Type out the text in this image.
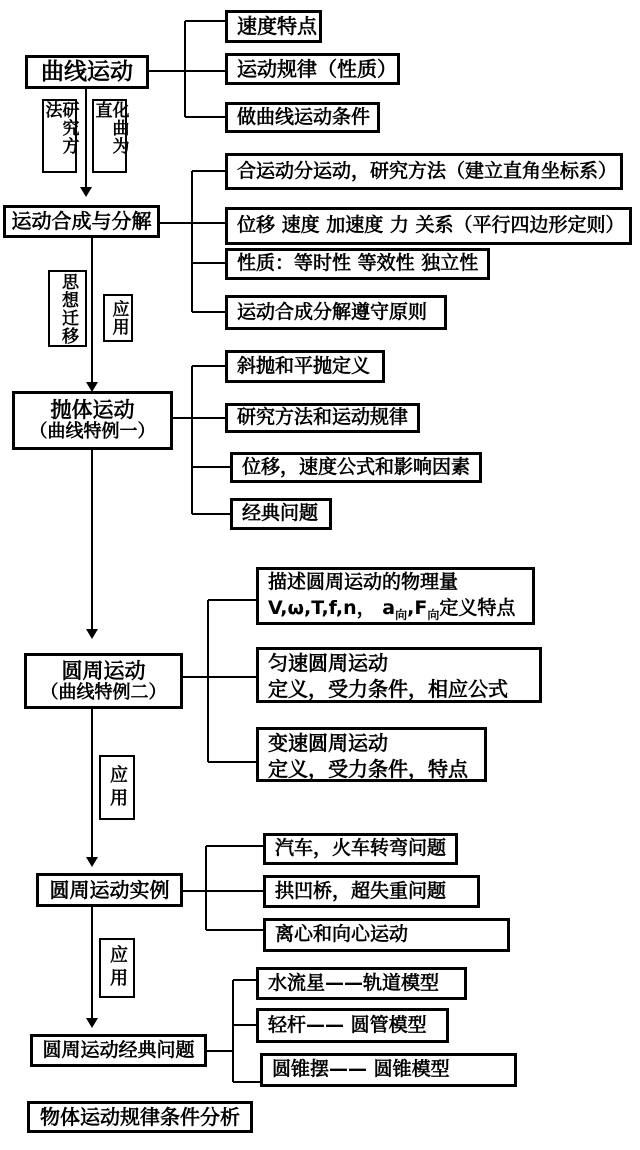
曲线运动
速度特点
运动规律（性质）
做曲线运动条件
研究方法	化曲为直
运动合成与分解
合运动分运动，研究方法（建立直角坐标系）
位移 速度 加速度 力 关系（平行四边形定则）
性质：等时性 等效性 独立性
运动合成分解遵守原则
思想迁移 应用
抛体运动
（曲线特例一）
斜抛和平抛定义
研究方法和运动规律
位移，速度公式和影响因素
经典问题
圆周运动
（曲线特例二）
描述圆周运动的物理量
V,ω,T,f,n， $a_向,F_向$定义特点
匀速圆周运动
定义，受力条件，相应公式
变速圆周运动
定义，受力条件，特点
应用
圆周运动实例
汽车，火车转弯问题
拱凹桥，超失重问题
离心和向心运动
应用
圆周运动经典问题
水流星——轨道模型
轻杆—— 圆管模型
圆锥摆—— 圆锥模型
物体运动规律条件分析
